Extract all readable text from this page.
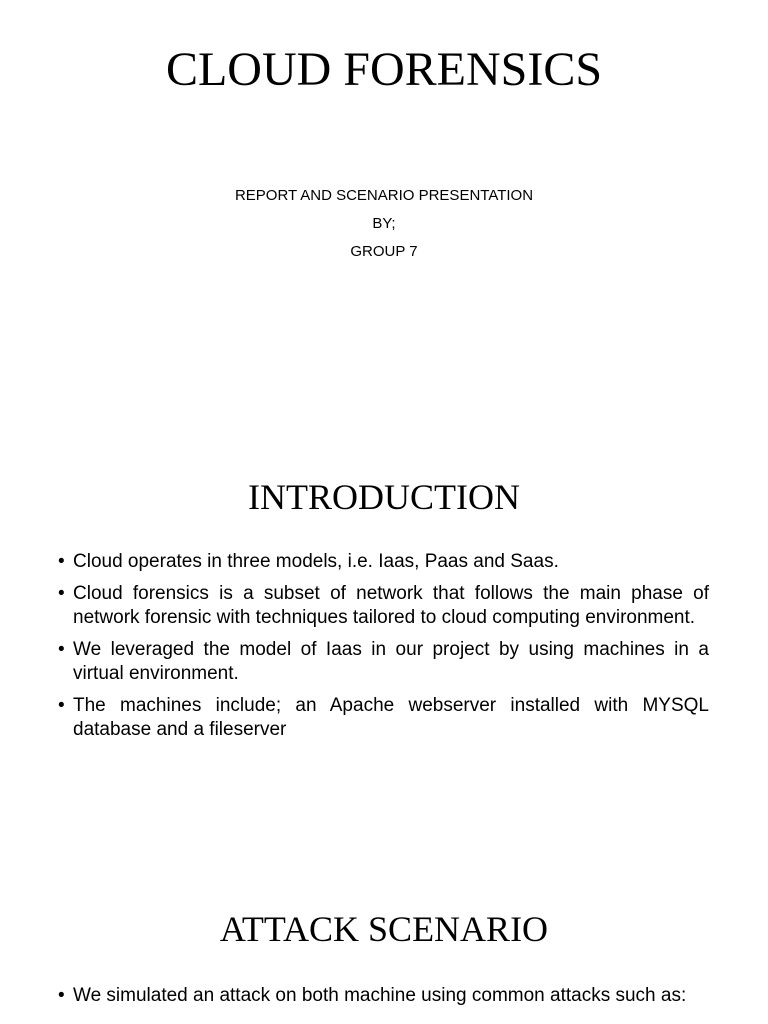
CLOUD FORENSICS

REPORT AND SCENARIO PRESENTATION

BY;

GROUP 7

INTRODUCTION
• Cloud operates in three models, i.e. Iaas, Paas and Saas.
• Cloud forensics is a subset of network that follows the main phase of network forensic with techniques tailored to cloud computing environment.
• We leveraged the model of Iaas in our project by using machines in a virtual environment.
• The machines include; an Apache webserver installed with MYSQL database and a fileserver
ATTACK SCENARIO
• We simulated an attack on both machine using common attacks such as:
